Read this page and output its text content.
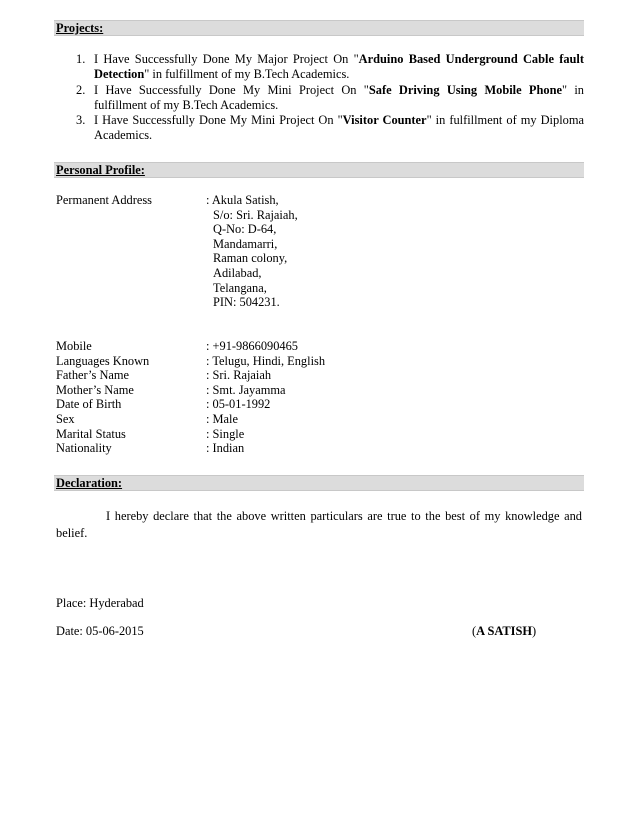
Projects:
1. I Have Successfully Done My Major Project On "Arduino Based Underground Cable fault Detection" in fulfillment of my B.Tech Academics.
2. I Have Successfully Done My Mini Project On "Safe Driving Using Mobile Phone" in fulfillment of my B.Tech Academics.
3. I Have Successfully Done My Mini Project On "Visitor Counter" in fulfillment of my Diploma Academics.
Personal Profile:
Permanent Address	: Akula Satish,
S/o: Sri. Rajaiah,
Q-No: D-64,
Mandamarri,
Raman colony,
Adilabad,
Telangana,
PIN: 504231.
Mobile	: +91-9866090465
Languages Known	: Telugu, Hindi, English
Father’s Name	: Sri. Rajaiah
Mother’s Name	: Smt. Jayamma
Date of Birth	: 05-01-1992
Sex	: Male
Marital Status	: Single
Nationality	: Indian
Declaration:
I hereby declare that the above written particulars are true to the best of my knowledge and belief.
Place: Hyderabad
Date: 05-06-2015	(A SATISH)
